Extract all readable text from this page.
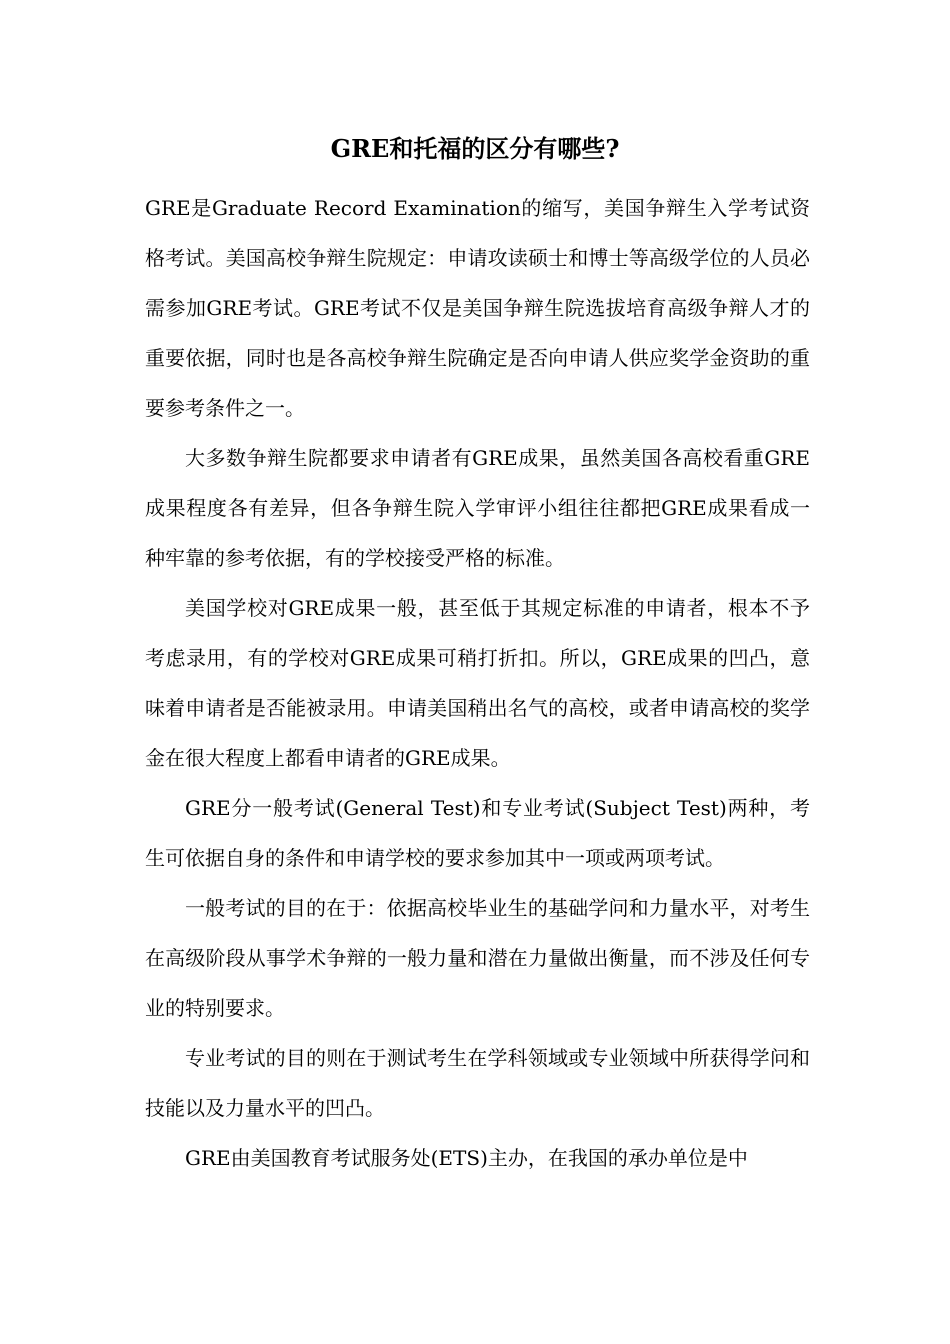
GRE和托福的区分有哪些?

GRE是Graduate Record Examination的缩写，美国争辩生入学考试资格考试。美国高校争辩生院规定：申请攻读硕士和博士等高级学位的人员必需参加GRE考试。GRE考试不仅是美国争辩生院选拔培育高级争辩人才的重要依据，同时也是各高校争辩生院确定是否向申请人供应奖学金资助的重要参考条件之一。

大多数争辩生院都要求申请者有GRE成果，虽然美国各高校看重GRE成果程度各有差异，但各争辩生院入学审评小组往往都把GRE成果看成一种牢靠的参考依据，有的学校接受严格的标准。

美国学校对GRE成果一般，甚至低于其规定标准的申请者，根本不予考虑录用，有的学校对GRE成果可稍打折扣。所以，GRE成果的凹凸，意味着申请者是否能被录用。申请美国稍出名气的高校，或者申请高校的奖学金在很大程度上都看申请者的GRE成果。

GRE分一般考试(General Test)和专业考试(Subject Test)两种，考生可依据自身的条件和申请学校的要求参加其中一项或两项考试。

一般考试的目的在于：依据高校毕业生的基础学问和力量水平，对考生在高级阶段从事学术争辩的一般力量和潜在力量做出衡量，而不涉及任何专业的特别要求。

专业考试的目的则在于测试考生在学科领域或专业领域中所获得学问和技能以及力量水平的凹凸。

GRE由美国教育考试服务处(ETS)主办，在我国的承办单位是中
